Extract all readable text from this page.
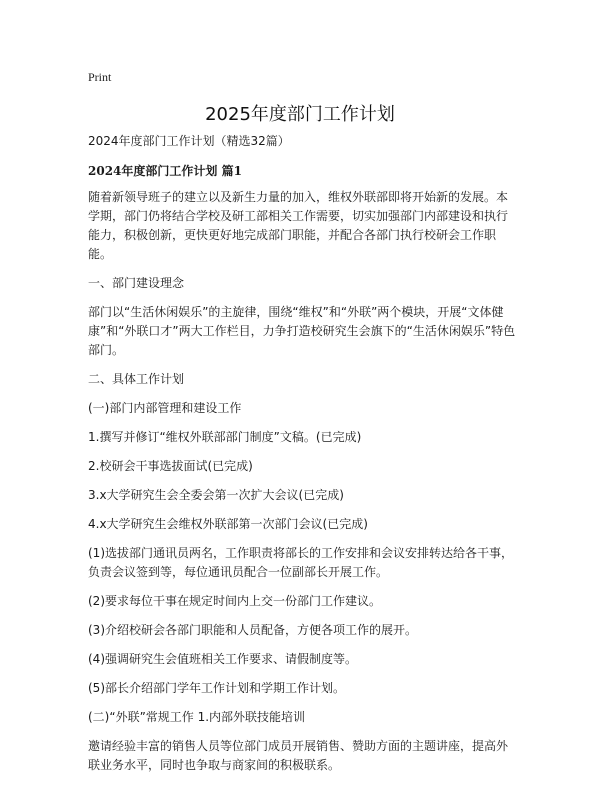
Print
2025年度部门工作计划

2024年度部门工作计划（精选32篇）

2024年度部门工作计划 篇1

随着新领导班子的建立以及新生力量的加入，维权外联部即将开始新的发展。本学期，部门仍将结合学校及研工部相关工作需要，切实加强部门内部建设和执行能力，积极创新，更快更好地完成部门职能，并配合各部门执行校研会工作职能。

一、部门建设理念

部门以“生活休闲娱乐”的主旋律，围绕“维权”和“外联”两个模块，开展“文体健康”和“外联口才”两大工作栏目，力争打造校研究生会旗下的“生活休闲娱乐”特色部门。

二、具体工作计划

(一)部门内部管理和建设工作

1.撰写并修订“维权外联部部门制度”文稿。(已完成)

2.校研会干事选拔面试(已完成)

3.x大学研究生会全委会第一次扩大会议(已完成)

4.x大学研究生会维权外联部第一次部门会议(已完成)

(1)选拔部门通讯员两名，工作职责将部长的工作安排和会议安排转达给各干事，负责会议签到等，每位通讯员配合一位副部长开展工作。

(2)要求每位干事在规定时间内上交一份部门工作建议。

(3)介绍校研会各部门职能和人员配备，方便各项工作的展开。

(4)强调研究生会值班相关工作要求、请假制度等。

(5)部长介绍部门学年工作计划和学期工作计划。

(二)“外联”常规工作 1.内部外联技能培训

邀请经验丰富的销售人员等位部门成员开展销售、赞助方面的主题讲座，提高外联业务水平，同时也争取与商家间的积极联系。
